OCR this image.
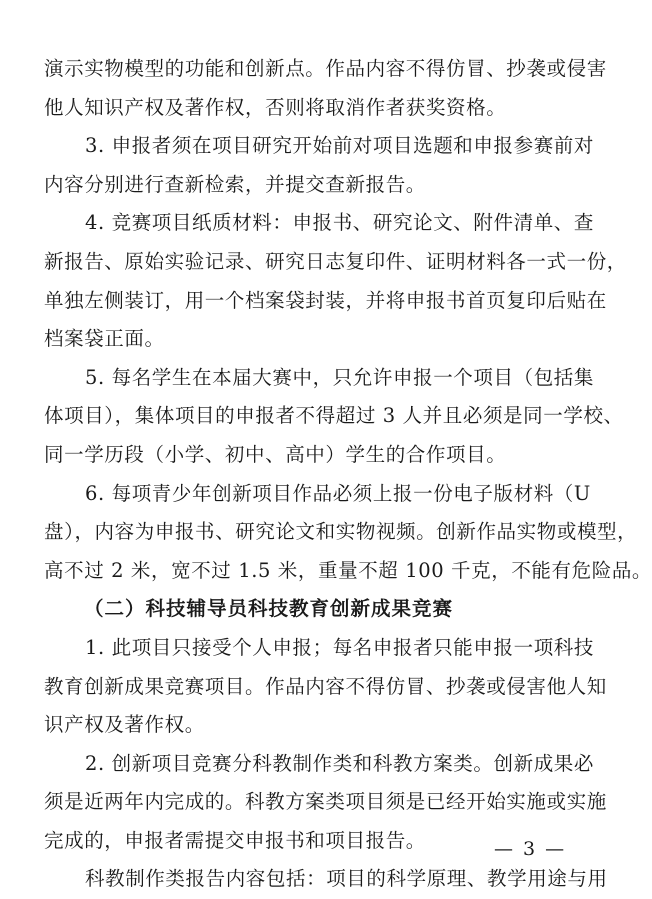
演示实物模型的功能和创新点。作品内容不得仿冒、抄袭或侵害
他人知识产权及著作权，否则将取消作者获奖资格。
3. 申报者须在项目研究开始前对项目选题和申报参赛前对
内容分别进行查新检索，并提交查新报告。
4. 竞赛项目纸质材料：申报书、研究论文、附件清单、查
新报告、原始实验记录、研究日志复印件、证明材料各一式一份，
单独左侧装订，用一个档案袋封装，并将申报书首页复印后贴在
档案袋正面。
5. 每名学生在本届大赛中，只允许申报一个项目（包括集
体项目），集体项目的申报者不得超过 3 人并且必须是同一学校、
同一学历段（小学、初中、高中）学生的合作项目。
6. 每项青少年创新项目作品必须上报一份电子版材料（U
盘），内容为申报书、研究论文和实物视频。创新作品实物或模型，
高不过 2 米，宽不过 1.5 米，重量不超 100 千克，不能有危险品。
（二）科技辅导员科技教育创新成果竞赛
1. 此项目只接受个人申报；每名申报者只能申报一项科技
教育创新成果竞赛项目。作品内容不得仿冒、抄袭或侵害他人知
识产权及著作权。
2. 创新项目竞赛分科教制作类和科教方案类。创新成果必
须是近两年内完成的。科教方案类项目须是已经开始实施或实施
完成的，申报者需提交申报书和项目报告。
科教制作类报告内容包括：项目的科学原理、教学用途与用
— 3 —
